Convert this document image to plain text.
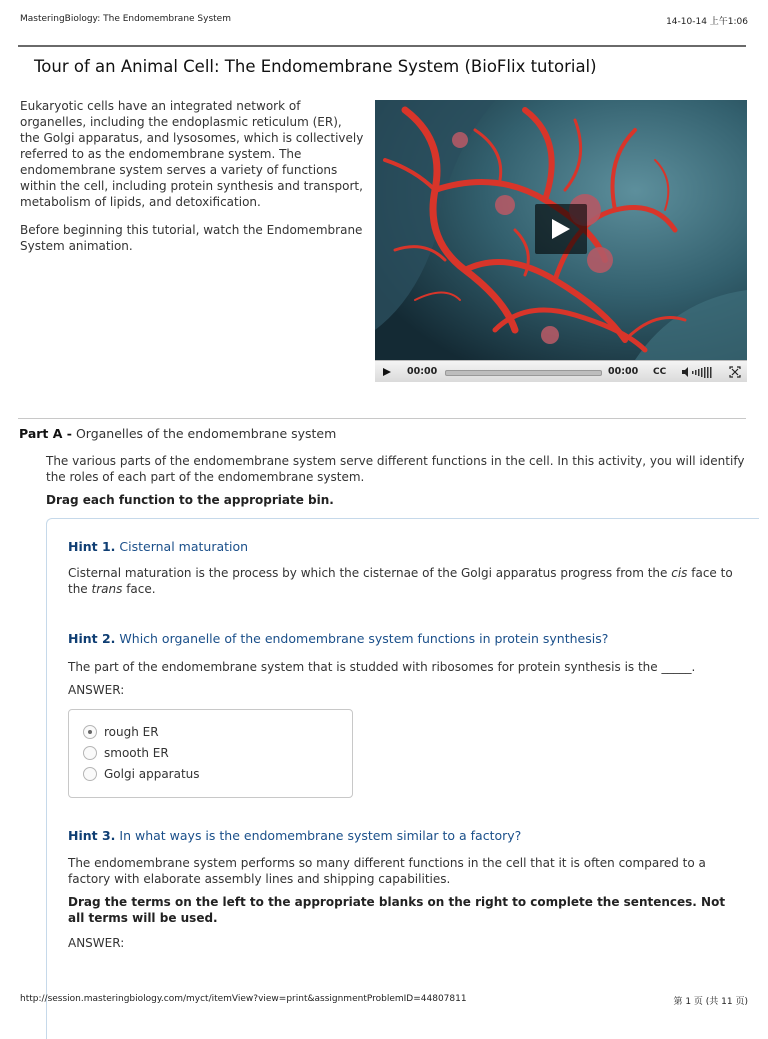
MasteringBiology: The Endomembrane System	14-10-14 上午1:06
Tour of an Animal Cell: The Endomembrane System (BioFlix tutorial)

Eukaryotic cells have an integrated network of organelles, including the endoplasmic reticulum (ER), the Golgi apparatus, and lysosomes, which is collectively referred to as the endomembrane system. The endomembrane system serves a variety of functions within the cell, including protein synthesis and transport, metabolism of lipids, and detoxification.

Before beginning this tutorial, watch the Endomembrane System animation.

00:00	00:00 CC
Part A - Organelles of the endomembrane system
The various parts of the endomembrane system serve different functions in the cell. In this activity, you will identify the roles of each part of the endomembrane system.
Drag each function to the appropriate bin.
Hint 1. Cisternal maturation
Cisternal maturation is the process by which the cisternae of the Golgi apparatus progress from the cis face to the trans face.
Hint 2. Which organelle of the endomembrane system functions in protein synthesis?
The part of the endomembrane system that is studded with ribosomes for protein synthesis is the _____.
ANSWER:
rough ER
smooth ER
Golgi apparatus
Hint 3. In what ways is the endomembrane system similar to a factory?
The endomembrane system performs so many different functions in the cell that it is often compared to a factory with elaborate assembly lines and shipping capabilities.
Drag the terms on the left to the appropriate blanks on the right to complete the sentences. Not all terms will be used.
ANSWER:
http://session.masteringbiology.com/myct/itemView?view=print&assignmentProblemID=44807811	第 1 页 (共 11 页)
